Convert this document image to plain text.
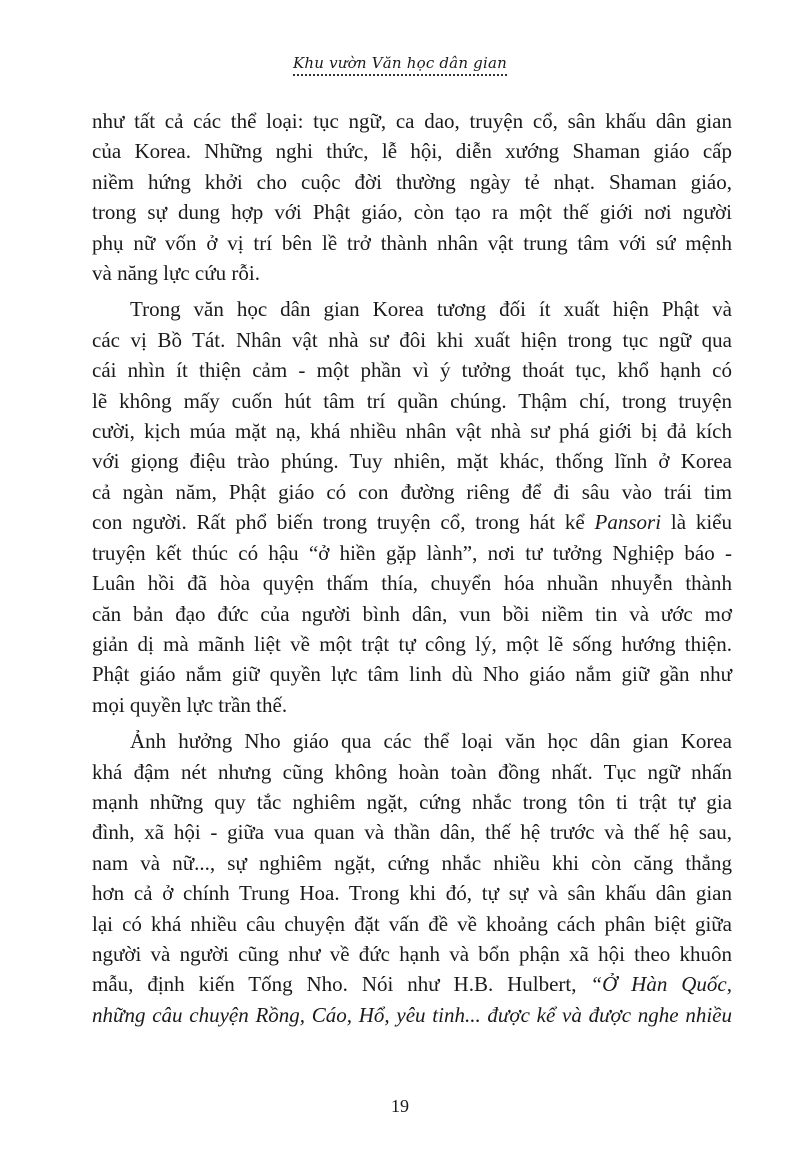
Khu vườn Văn học dân gian
như tất cả các thể loại: tục ngữ, ca dao, truyện cổ, sân khấu dân gian
của Korea. Những nghi thức, lễ hội, diễn xướng Shaman giáo cấp
niềm hứng khởi cho cuộc đời thường ngày tẻ nhạt. Shaman giáo,
trong sự dung hợp với Phật giáo, còn tạo ra một thế giới nơi người
phụ nữ vốn ở vị trí bên lề trở thành nhân vật trung tâm với sứ mệnh
và năng lực cứu rỗi.
Trong văn học dân gian Korea tương đối ít xuất hiện Phật và
các vị Bồ Tát. Nhân vật nhà sư đôi khi xuất hiện trong tục ngữ qua
cái nhìn ít thiện cảm - một phần vì ý tưởng thoát tục, khổ hạnh có
lẽ không mấy cuốn hút tâm trí quần chúng. Thậm chí, trong truyện
cười, kịch múa mặt nạ, khá nhiều nhân vật nhà sư phá giới bị đả kích
với giọng điệu trào phúng. Tuy nhiên, mặt khác, thống lĩnh ở Korea
cả ngàn năm, Phật giáo có con đường riêng để đi sâu vào trái tim
con người. Rất phổ biến trong truyện cổ, trong hát kể Pansori là kiểu
truyện kết thúc có hậu “ở hiền gặp lành”, nơi tư tưởng Nghiệp báo -
Luân hồi đã hòa quyện thấm thía, chuyển hóa nhuần nhuyễn thành
căn bản đạo đức của người bình dân, vun bồi niềm tin và ước mơ
giản dị mà mãnh liệt về một trật tự công lý, một lẽ sống hướng thiện.
Phật giáo nắm giữ quyền lực tâm linh dù Nho giáo nắm giữ gần như
mọi quyền lực trần thế.
Ảnh hưởng Nho giáo qua các thể loại văn học dân gian Korea
khá đậm nét nhưng cũng không hoàn toàn đồng nhất. Tục ngữ nhấn
mạnh những quy tắc nghiêm ngặt, cứng nhắc trong tôn ti trật tự gia
đình, xã hội - giữa vua quan và thần dân, thế hệ trước và thế hệ sau,
nam và nữ..., sự nghiêm ngặt, cứng nhắc nhiều khi còn căng thẳng
hơn cả ở chính Trung Hoa. Trong khi đó, tự sự và sân khấu dân gian
lại có khá nhiều câu chuyện đặt vấn đề về khoảng cách phân biệt giữa
người và người cũng như về đức hạnh và bổn phận xã hội theo khuôn
mẫu, định kiến Tống Nho. Nói như H.B. Hulbert, “Ở Hàn Quốc,
những câu chuyện Rồng, Cáo, Hổ, yêu tinh... được kể và được nghe nhiều
19
